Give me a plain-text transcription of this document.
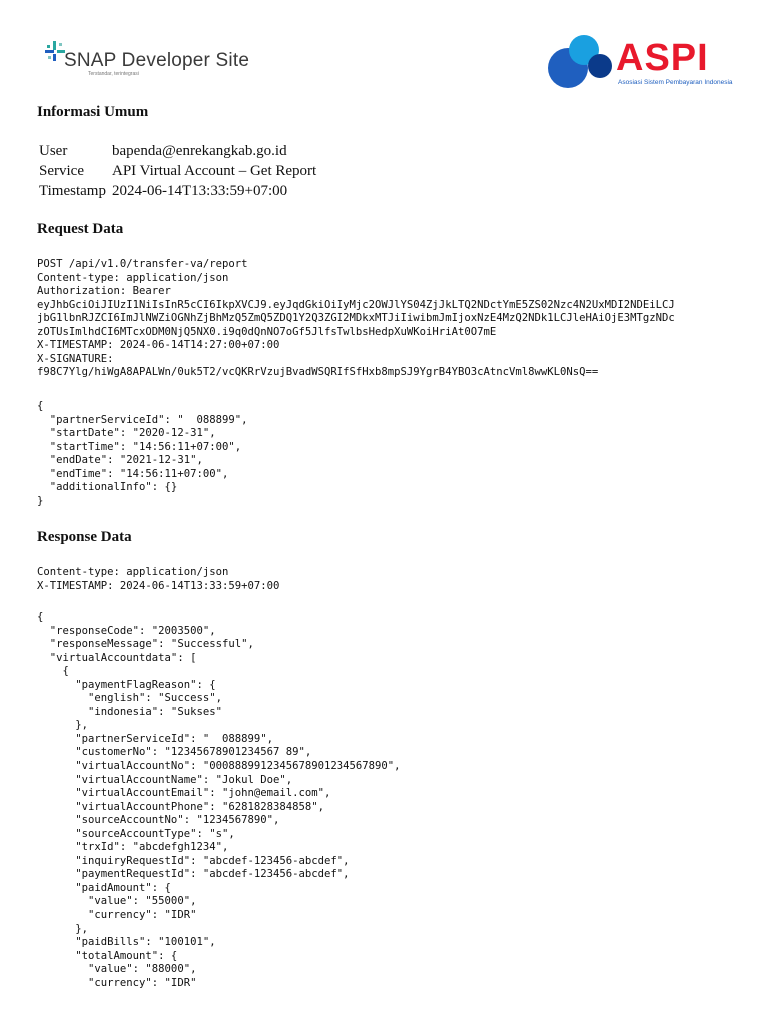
SNAP Developer Site
Terstandar, terintegrasi	ASPI
Asosiasi Sistem Pembayaran Indonesia
Informasi Umum
User	bapenda@enrekangkab.go.id
Service	API Virtual Account – Get Report
Timestamp 2024-06-14T13:33:59+07:00
Request Data
POST /api/v1.0/transfer-va/report
Content-type: application/json
Authorization: Bearer
eyJhbGciOiJIUzI1NiIsInR5cCI6IkpXVCJ9.eyJqdGkiOiIyMjc2OWJlYS04ZjJkLTQ2NDctYmE5ZS02Nzc4N2UxMDI2NDEiLCJ
jbG1lbnRJZCI6ImJlNWZiOGNhZjBhMzQ5ZmQ5ZDQ1Y2Q3ZGI2MDkxMTJiIiwibmJmIjoxNzE4MzQ2NDk1LCJleHAiOjE3MTgzNDc
zOTUsImlhdCI6MTcxODM0NjQ5NX0.i9q0dQnNO7oGf5JlfsTwlbsHedpXuWKoiHriAt0O7mE
X-TIMESTAMP: 2024-06-14T14:27:00+07:00
X-SIGNATURE:
f98C7Ylg/hiWgA8APALWn/0uk5T2/vcQKRrVzujBvadWSQRIfSfHxb8mpSJ9YgrB4YBO3cAtncVml8wwKL0NsQ==
{
"partnerServiceId": "  088899",
"startDate": "2020-12-31",
"startTime": "14:56:11+07:00",
"endDate": "2021-12-31",
"endTime": "14:56:11+07:00",
"additionalInfo": {}
}
Response Data
Content-type: application/json
X-TIMESTAMP: 2024-06-14T13:33:59+07:00
{
"responseCode": "2003500",
"responseMessage": "Successful",
"virtualAccountdata": [
{
"paymentFlagReason": {
"english": "Success",
"indonesia": "Sukses"
},
"partnerServiceId": "  088899",
"customerNo": "12345678901234567 89",
"virtualAccountNo": "0008889912345678901234567890",
"virtualAccountName": "Jokul Doe",
"virtualAccountEmail": "john@email.com",
"virtualAccountPhone": "6281828384858",
"sourceAccountNo": "1234567890",
"sourceAccountType": "s",
"trxId": "abcdefgh1234",
"inquiryRequestId": "abcdef-123456-abcdef",
"paymentRequestId": "abcdef-123456-abcdef",
"paidAmount": {
"value": "55000",
"currency": "IDR"
},
"paidBills": "100101",
"totalAmount": {
"value": "88000",
"currency": "IDR"
